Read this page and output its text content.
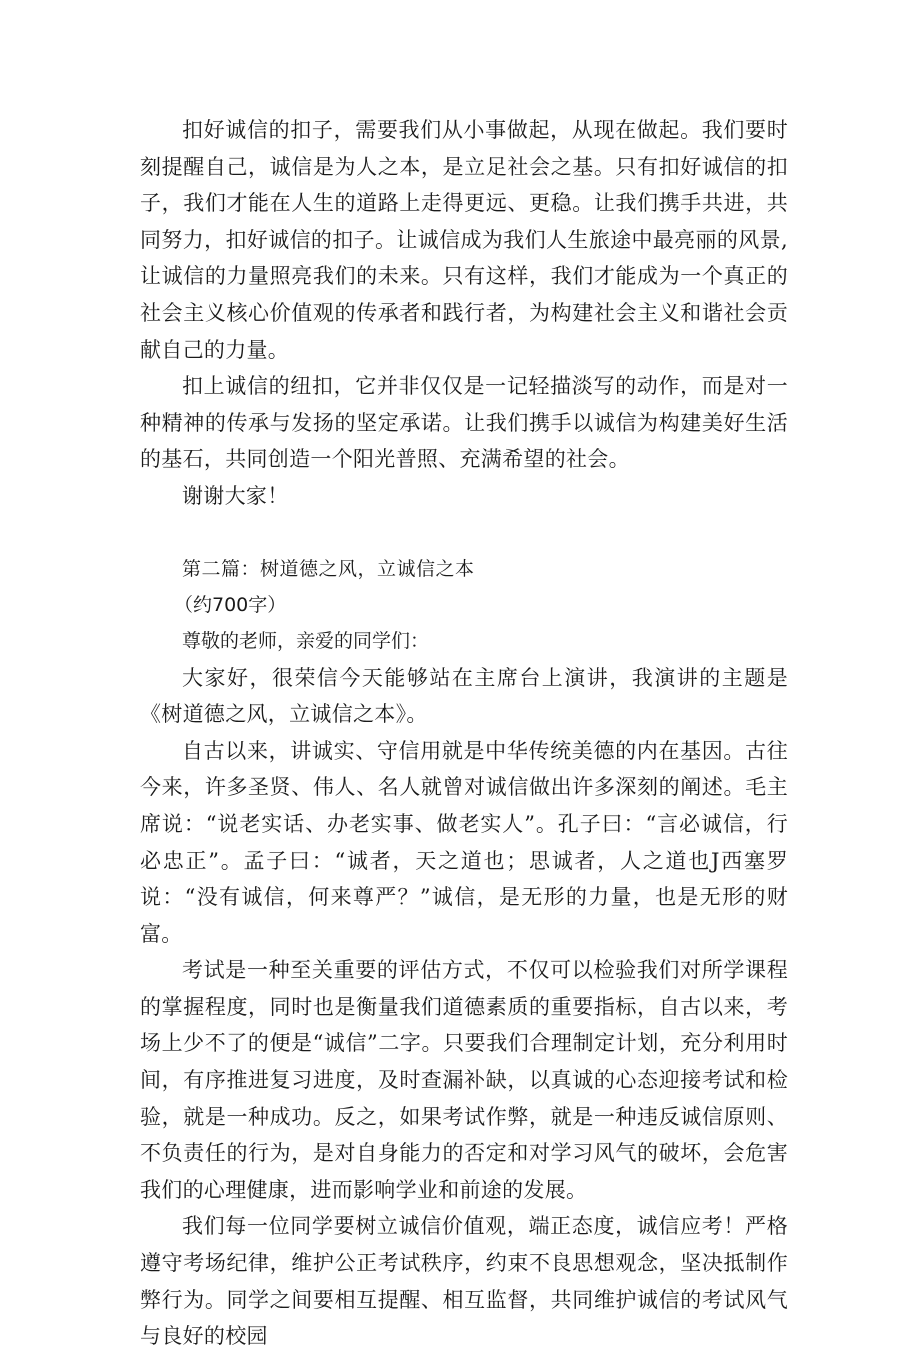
扣好诚信的扣子，需要我们从小事做起，从现在做起。我们要时刻提醒自己，诚信是为人之本，是立足社会之基。只有扣好诚信的扣子，我们才能在人生的道路上走得更远、更稳。让我们携手共进，共同努力，扣好诚信的扣子。让诚信成为我们人生旅途中最亮丽的风景,让诚信的力量照亮我们的未来。只有这样，我们才能成为一个真正的社会主义核心价值观的传承者和践行者，为构建社会主义和谐社会贡献自己的力量。

扣上诚信的纽扣，它并非仅仅是一记轻描淡写的动作，而是对一种精神的传承与发扬的坚定承诺。让我们携手以诚信为构建美好生活的基石，共同创造一个阳光普照、充满希望的社会。

谢谢大家！

第二篇：树道德之风，立诚信之本

（约700字）

尊敬的老师，亲爱的同学们：

大家好，很荣信今天能够站在主席台上演讲，我演讲的主题是《树道德之风，立诚信之本》。

自古以来，讲诚实、守信用就是中华传统美德的内在基因。古往今来，许多圣贤、伟人、名人就曾对诚信做出许多深刻的阐述。毛主席说：“说老实话、办老实事、做老实人”。孔子曰：“言必诚信，行必忠正”。孟子曰：“诚者，天之道也；思诚者，人之道也J西塞罗说：“没有诚信，何来尊严？”诚信，是无形的力量，也是无形的财富。

考试是一种至关重要的评估方式，不仅可以检验我们对所学课程的掌握程度，同时也是衡量我们道德素质的重要指标，自古以来，考场上少不了的便是“诚信”二字。只要我们合理制定计划，充分利用时间，有序推进复习进度，及时查漏补缺，以真诚的心态迎接考试和检验，就是一种成功。反之，如果考试作弊，就是一种违反诚信原则、不负责任的行为，是对自身能力的否定和对学习风气的破坏，会危害我们的心理健康，进而影响学业和前途的发展。

我们每一位同学要树立诚信价值观，端正态度，诚信应考！严格遵守考场纪律，维护公正考试秩序，约束不良思想观念，坚决抵制作弊行为。同学之间要相互提醒、相互监督，共同维护诚信的考试风气与良好的校园
